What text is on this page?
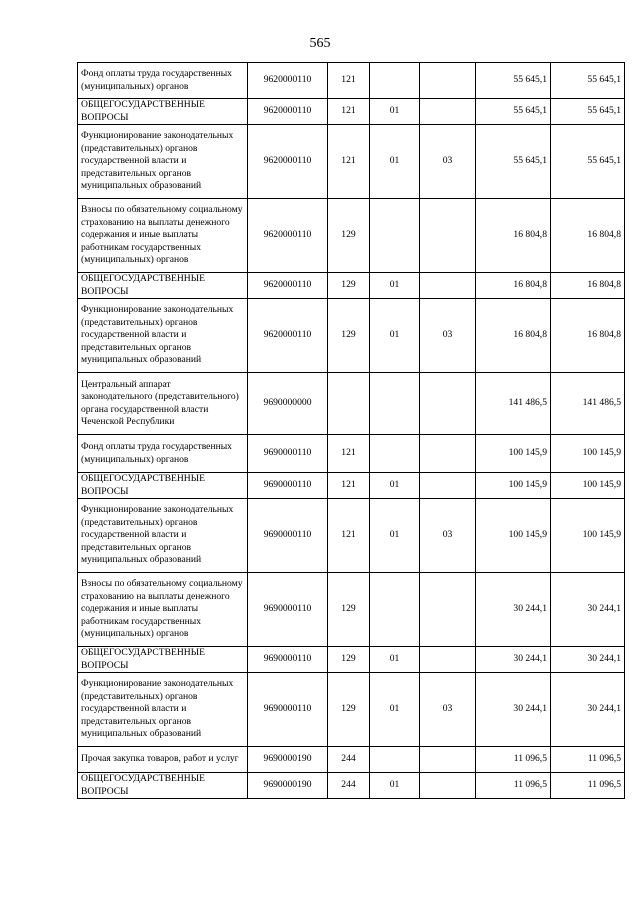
565
Фонд оплаты труда государственных (муниципальных) органов	9620000110	121			55 645,1	55 645,1
ОБЩЕГОСУДАРСТВЕННЫЕ ВОПРОСЫ	9620000110	121	01		55 645,1	55 645,1
Функционирование законодательных (представительных) органов государственной власти и представительных органов муниципальных образований	9620000110	121	01	03	55 645,1	55 645,1
Взносы по обязательному социальному страхованию на выплаты денежного содержания и иные выплаты работникам государственных (муниципальных) органов	9620000110	129			16 804,8	16 804,8
ОБЩЕГОСУДАРСТВЕННЫЕ ВОПРОСЫ	9620000110	129	01		16 804,8	16 804,8
Функционирование законодательных (представительных) органов государственной власти и представительных органов муниципальных образований	9620000110	129	01	03	16 804,8	16 804,8
Центральный аппарат законодательного (представительного) органа государственной власти Чеченской Республики	9690000000				141 486,5	141 486,5
Фонд оплаты труда государственных (муниципальных) органов	9690000110	121			100 145,9	100 145,9
ОБЩЕГОСУДАРСТВЕННЫЕ ВОПРОСЫ	9690000110	121	01		100 145,9	100 145,9
Функционирование законодательных (представительных) органов государственной власти и представительных органов муниципальных образований	9690000110	121	01	03	100 145,9	100 145,9
Взносы по обязательному социальному страхованию на выплаты денежного содержания и иные выплаты работникам государственных (муниципальных) органов	9690000110	129			30 244,1	30 244,1
ОБЩЕГОСУДАРСТВЕННЫЕ ВОПРОСЫ	9690000110	129	01		30 244,1	30 244,1
Функционирование законодательных (представительных) органов государственной власти и представительных органов муниципальных образований	9690000110	129	01	03	30 244,1	30 244,1
Прочая закупка товаров, работ и услуг	9690000190	244			11 096,5	11 096,5
ОБЩЕГОСУДАРСТВЕННЫЕ ВОПРОСЫ	9690000190	244	01		11 096,5	11 096,5
